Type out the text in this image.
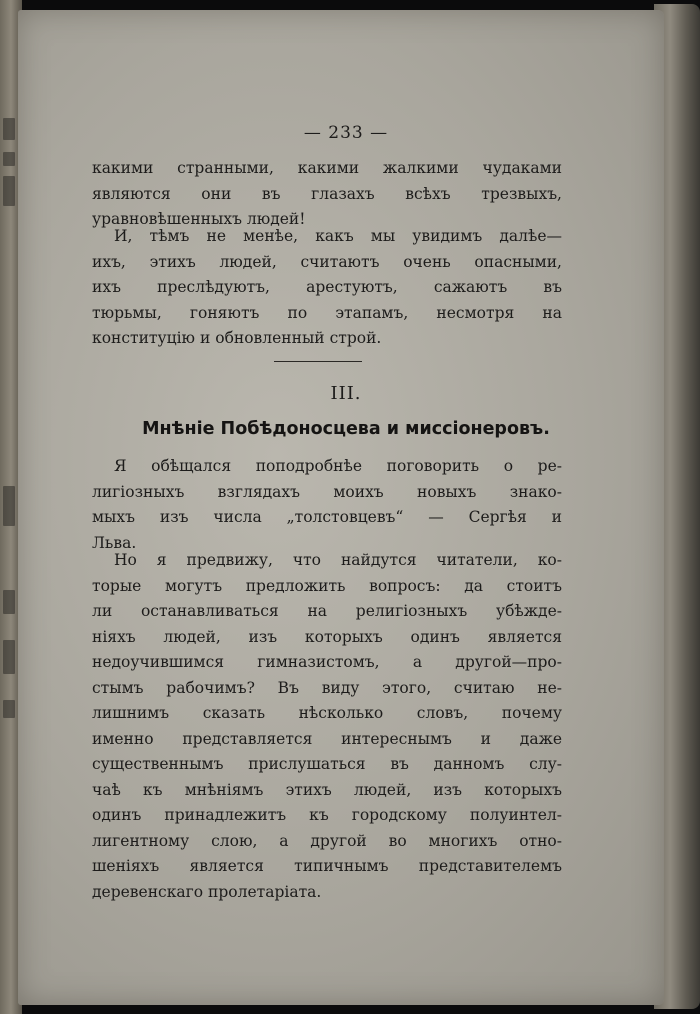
— 233 —
какими странными, какими жалкими чудаками
являются они въ глазахъ всѣхъ трезвыхъ,
уравновѣшенныхъ людей!
И, тѣмъ не менѣе, какъ мы увидимъ далѣе—
ихъ, этихъ людей, считаютъ очень опасными,
ихъ преслѣдуютъ, арестуютъ, сажаютъ въ
тюрьмы, гоняютъ по этапамъ, несмотря на
конституцію и обновленный строй.
III.
Мнѣніе Побѣдоносцева и миссіонеровъ.
Я обѣщался поподробнѣе поговорить о ре-
лигіозныхъ взглядахъ моихъ новыхъ знако-
мыхъ изъ числа „толстовцевъ“ — Сергѣя и
Льва.
Но я предвижу, что найдутся читатели, ко-
торые могутъ предложить вопросъ: да стоитъ
ли останавливаться на религіозныхъ убѣжде-
ніяхъ людей, изъ которыхъ одинъ является
недоучившимся гимназистомъ, а другой—про-
стымъ рабочимъ? Въ виду этого, считаю не-
лишнимъ сказать нѣсколько словъ, почему
именно представляется интереснымъ и даже
существеннымъ прислушаться въ данномъ слу-
чаѣ къ мнѣніямъ этихъ людей, изъ которыхъ
одинъ принадлежитъ къ городскому полуинтел-
лигентному слою, а другой во многихъ отно-
шеніяхъ является типичнымъ представителемъ
деревенскаго пролетаріата.
